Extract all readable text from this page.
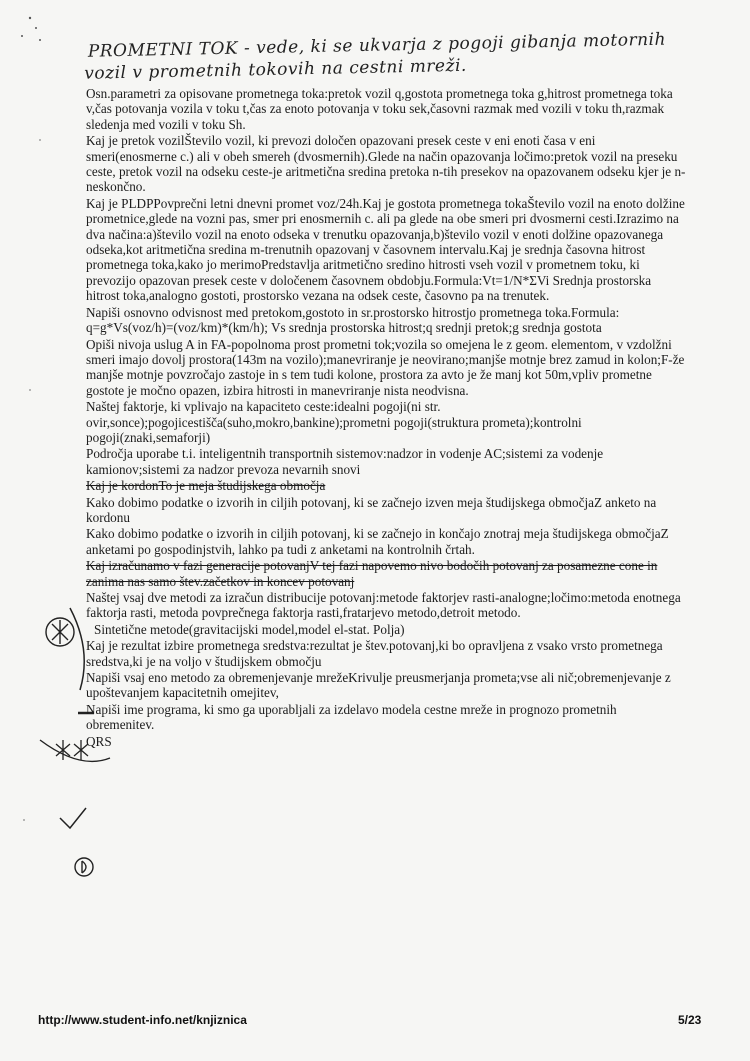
PROMETNI TOK - vede, ki se ukvarja z pogoji gibanja motornih
vozil v prometnih tokovih na cestni mreži.

Osn.parametri za opisovane prometnega toka:pretok vozil q,gostota prometnega toka g,hitrost prometnega toka v,čas potovanja vozila v toku t,čas za enoto potovanja v toku sek,časovni razmak med vozili v toku th,razmak sledenja med vozili v toku Sh.

Kaj je pretok vozilŠtevilo vozil, ki prevozi določen opazovani presek ceste v eni enoti časa v eni smeri(enosmerne c.) ali v obeh smereh (dvosmernih).Glede na način opazovanja ločimo:pretok vozil na preseku ceste, pretok vozil na odseku ceste-je aritmetična sredina pretoka n-tih presekov na opazovanem odseku kjer je n-neskončno.

Kaj je PLDPPovprečni letni dnevni promet voz/24h.Kaj je gostota prometnega tokaŠtevilo vozil na enoto dolžine prometnice,glede na vozni pas, smer pri enosmernih c. ali pa glede na obe smeri pri dvosmerni cesti.Izrazimo na dva načina:a)število vozil na enoto odseka v trenutku opazovanja,b)število vozil v enoti dolžine opazovanega odseka,kot aritmetična sredina m-trenutnih opazovanj v časovnem intervalu.Kaj je srednja časovna hitrost prometnega toka,kako jo merimoPredstavlja aritmetično sredino hitrosti vseh vozil v prometnem toku, ki prevozijo opazovan presek ceste v določenem časovnem obdobju.Formula:Vt=1/N*ΣVi Srednja prostorska hitrost toka,analogno gostoti, prostorsko vezana na odsek ceste, časovno pa na trenutek.

Napiši osnovno odvisnost med pretokom,gostoto in sr.prostorsko hitrostjo prometnega toka.Formula: q=g*Vs(voz/h)=(voz/km)*(km/h); Vs srednja prostorska hitrost;q srednji pretok;g srednja gostota

Opiši nivoja uslug A in FA-popolnoma prost prometni tok;vozila so omejena le z geom. elementom, v vzdolžni smeri imajo dovolj prostora(143m na vozilo);manevriranje je neovirano;manjše motnje brez zamud in kolon;F-že manjše motnje povzročajo zastoje in s tem tudi kolone, prostora za avto je že manj kot 50m,vpliv prometne gostote je močno opazen, izbira hitrosti in manevriranje nista neodvisna.

Naštej faktorje, ki vplivajo na kapaciteto ceste:idealni pogoji(ni str. ovir,sonce);pogojicestišča(suho,mokro,bankine);prometni pogoji(struktura prometa);kontrolni pogoji(znaki,semaforji)

Področja uporabe t.i. inteligentnih transportnih sistemov:nadzor in vodenje AC;sistemi za vodenje kamionov;sistemi za nadzor prevoza nevarnih snovi

Kaj je kordonTo je meja študijskega območja

Kako dobimo podatke o izvorih in ciljih potovanj, ki se začnejo izven meja študijskega območjaZ anketo na kordonu

Kako dobimo podatke o izvorih in ciljih potovanj, ki se začnejo in končajo znotraj meja študijskega območjaZ anketami po gospodinjstvih, lahko pa tudi z anketami na kontrolnih črtah.

Kaj izračunamo v fazi generacije potovanjV tej fazi napovemo nivo bodočih potovanj za posamezne cone in zanima nas samo štev.začetkov in koncev potovanj

Naštej vsaj dve metodi za izračun distribucije potovanj:metode faktorjev rasti-analogne;ločimo:metoda enotnega faktorja rasti, metoda povprečnega faktorja rasti,fratarjevo metodo,detroit metodo.

Sintetične metode(gravitacijski model,model el-stat. Polja)

Kaj je rezultat izbire prometnega sredstva:rezultat je štev.potovanj,ki bo opravljena z vsako vrsto prometnega sredstva,ki je na voljo v študijskem območju

Napiši vsaj eno metodo za obremenjevanje mrežeKrivulje preusmerjanja prometa;vse ali nič;obremenjevanje z upoštevanjem kapacitetnih omejitev,

Napiši ime programa, ki smo ga uporabljali za izdelavo modela cestne mreže in prognozo prometnih obremenitev.

QRS

http://www.student-info.net/knjiznica	5/23
